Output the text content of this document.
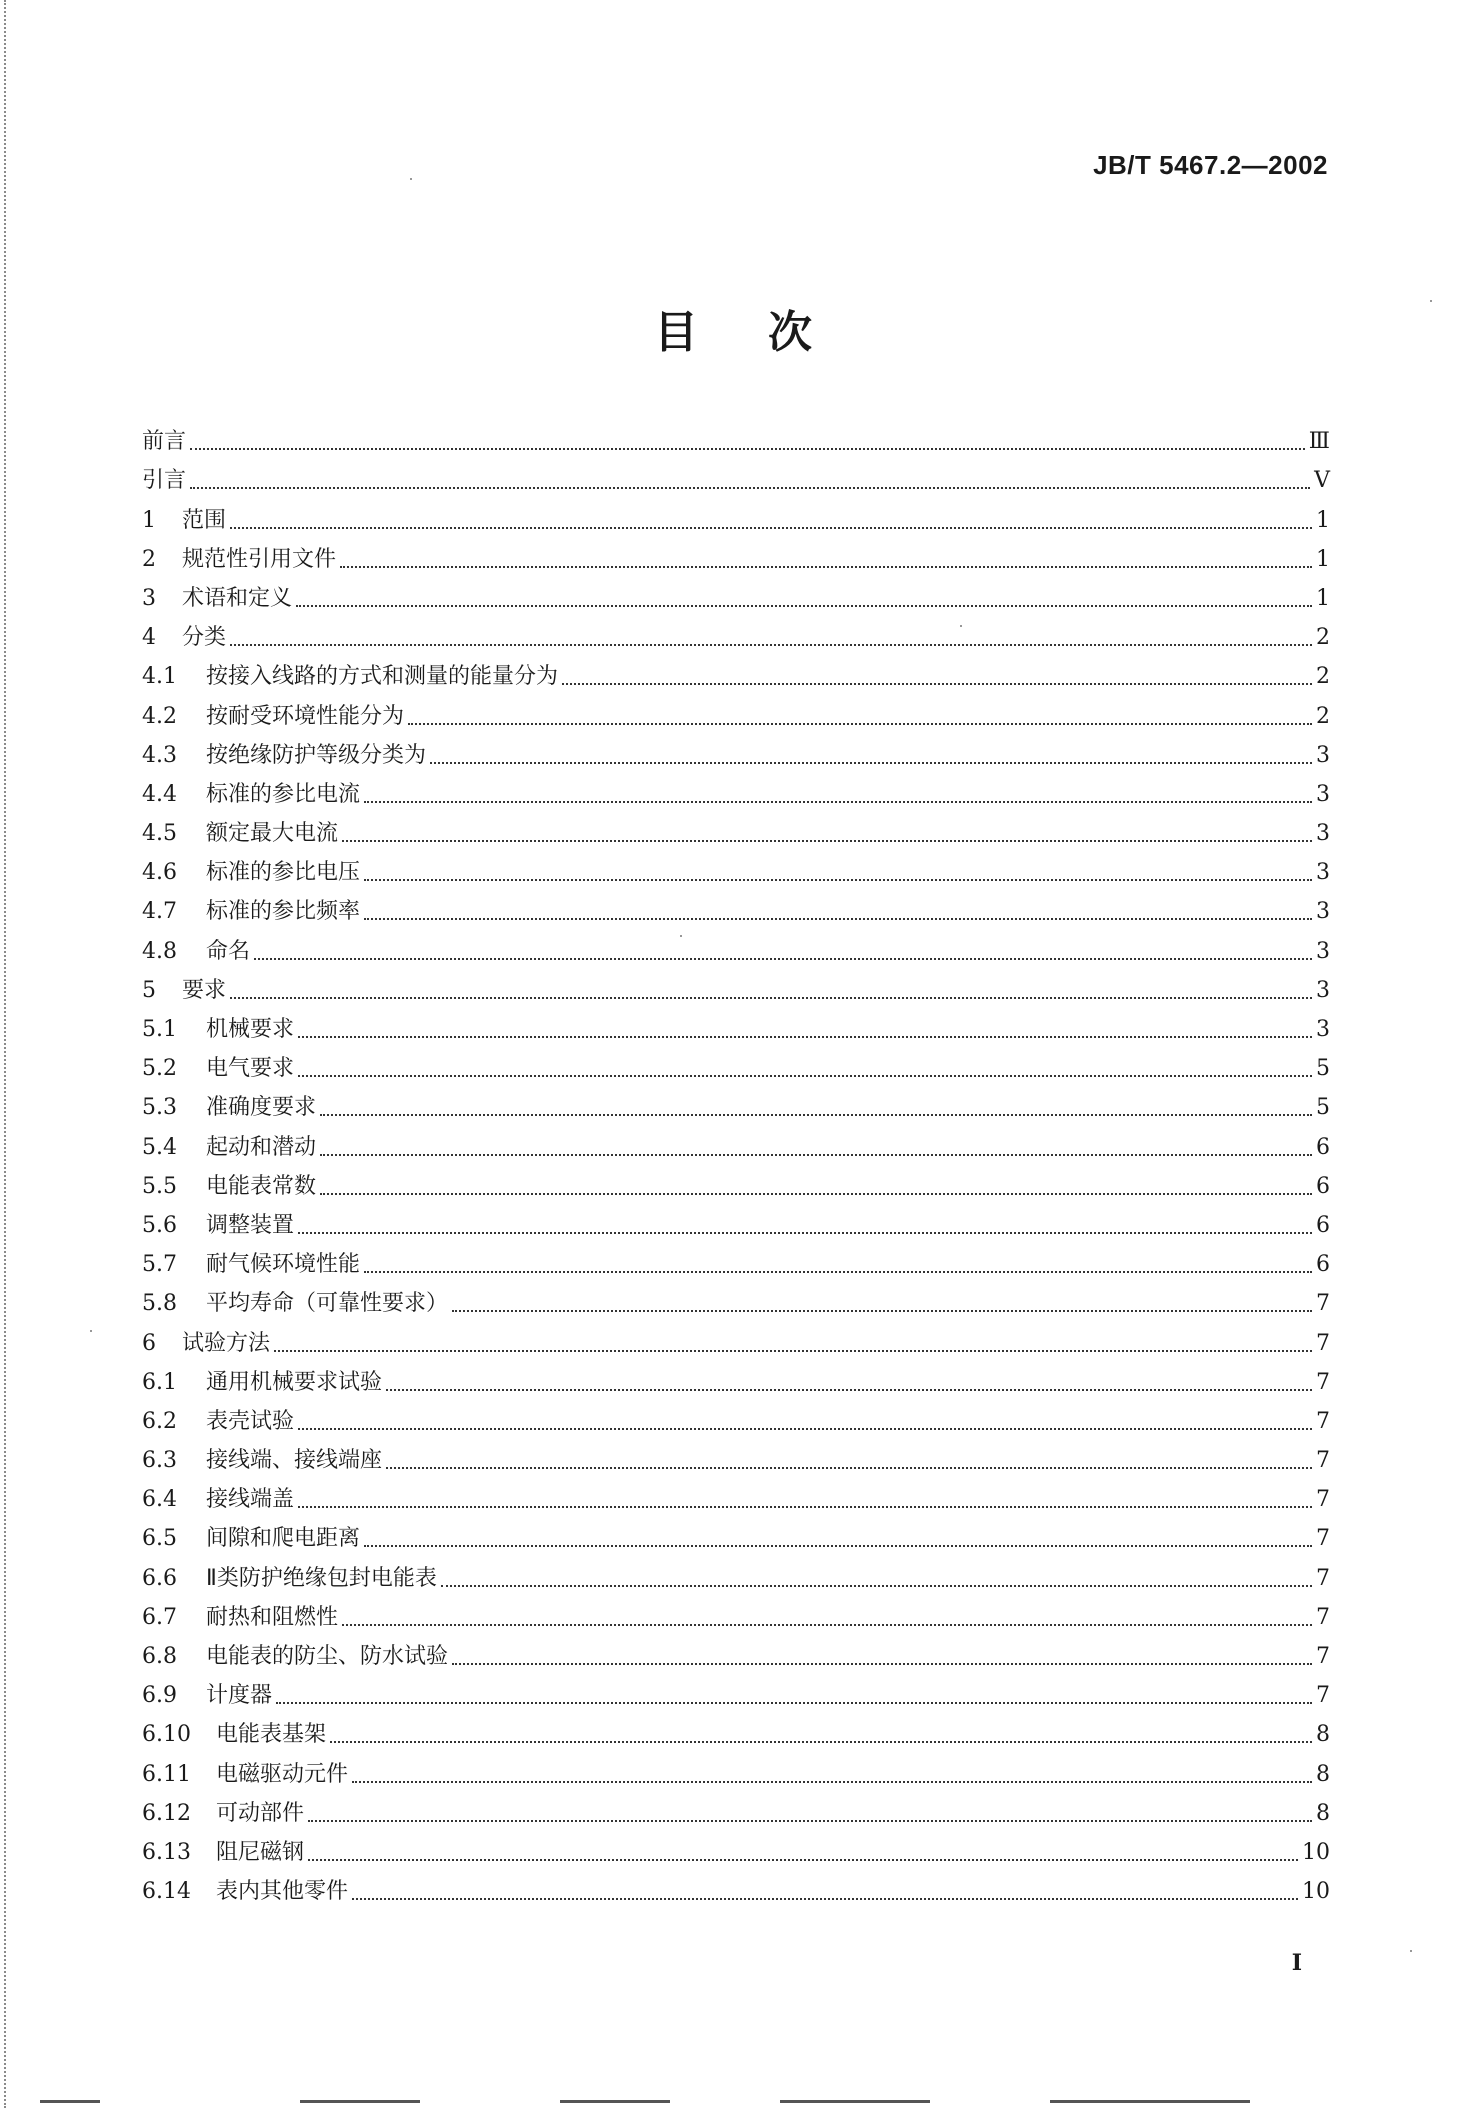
JB/T 5467.2—2002
目次
前言	Ⅲ
引言	V
1	范围	1
2	规范性引用文件	1
3	术语和定义	1
4	分类	2
4.1	按接入线路的方式和测量的能量分为	2
4.2	按耐受环境性能分为	2
4.3	按绝缘防护等级分类为	3
4.4	标准的参比电流	3
4.5	额定最大电流	3
4.6	标准的参比电压	3
4.7	标准的参比频率	3
4.8	命名	3
5	要求	3
5.1	机械要求	3
5.2	电气要求	5
5.3	准确度要求	5
5.4	起动和潜动	6
5.5	电能表常数	6
5.6	调整装置	6
5.7	耐气候环境性能	6
5.8	平均寿命（可靠性要求）	7
6	试验方法	7
6.1	通用机械要求试验	7
6.2	表壳试验	7
6.3	接线端、接线端座	7
6.4	接线端盖	7
6.5	间隙和爬电距离	7
6.6	Ⅱ类防护绝缘包封电能表	7
6.7	耐热和阻燃性	7
6.8	电能表的防尘、防水试验	7
6.9	计度器	7
6.10	电能表基架	8
6.11	电磁驱动元件	8
6.12	可动部件	8
6.13	阻尼磁钢	10
6.14	表内其他零件	10
I
